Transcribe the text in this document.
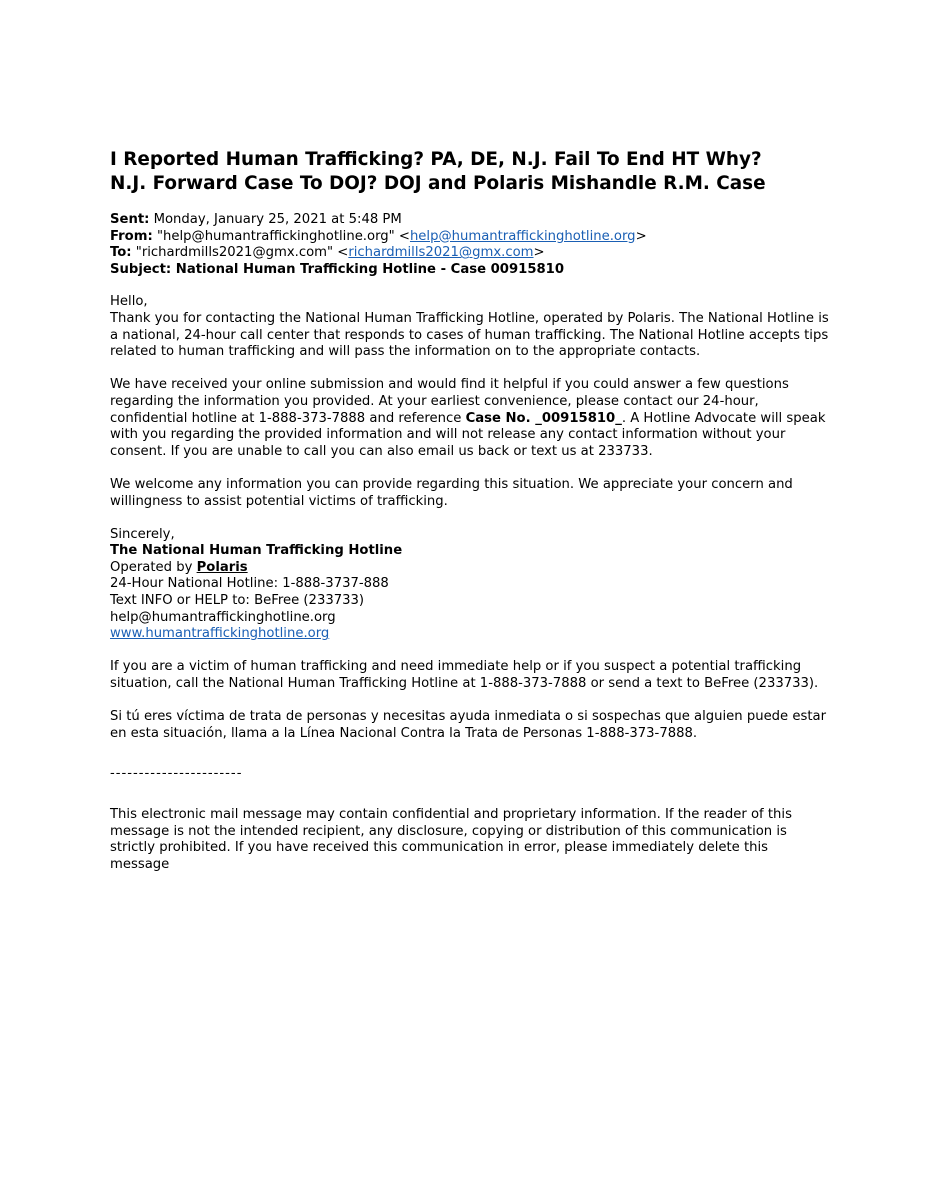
I Reported Human Trafficking? PA, DE, N.J. Fail To End HT Why?
N.J. Forward Case To DOJ? DOJ and Polaris Mishandle R.M. Case
Sent: Monday, January 25, 2021 at 5:48 PM
From: "help@humantraffickinghotline.org" <help@humantraffickinghotline.org>
To: "richardmills2021@gmx.com" <richardmills2021@gmx.com>
Subject: National Human Trafficking Hotline - Case 00915810
Hello,
Thank you for contacting the National Human Trafficking Hotline, operated by Polaris. The National Hotline is a national, 24-hour call center that responds to cases of human trafficking. The National Hotline accepts tips related to human trafficking and will pass the information on to the appropriate contacts.
We have received your online submission and would find it helpful if you could answer a few questions regarding the information you provided. At your earliest convenience, please contact our 24-hour, confidential hotline at 1-888-373-7888 and reference Case No. _00915810_. A Hotline Advocate will speak with you regarding the provided information and will not release any contact information without your consent. If you are unable to call you can also email us back or text us at 233733.
We welcome any information you can provide regarding this situation. We appreciate your concern and willingness to assist potential victims of trafficking.
Sincerely,
The National Human Trafficking Hotline
Operated by Polaris
24-Hour National Hotline: 1-888-3737-888
Text INFO or HELP to: BeFree (233733)
help@humantraffickinghotline.org
www.humantraffickinghotline.org
If you are a victim of human trafficking and need immediate help or if you suspect a potential trafficking situation, call the National Human Trafficking Hotline at 1-888-373-7888 or send a text to BeFree (233733).
Si tú eres víctima de trata de personas y necesitas ayuda inmediata o si sospechas que alguien puede estar en esta situación, llama a la Línea Nacional Contra la Trata de Personas 1-888-373-7888.
-----------------------
This electronic mail message may contain confidential and proprietary information. If the reader of this message is not the intended recipient, any disclosure, copying or distribution of this communication is strictly prohibited. If you have received this communication in error, please immediately delete this message
